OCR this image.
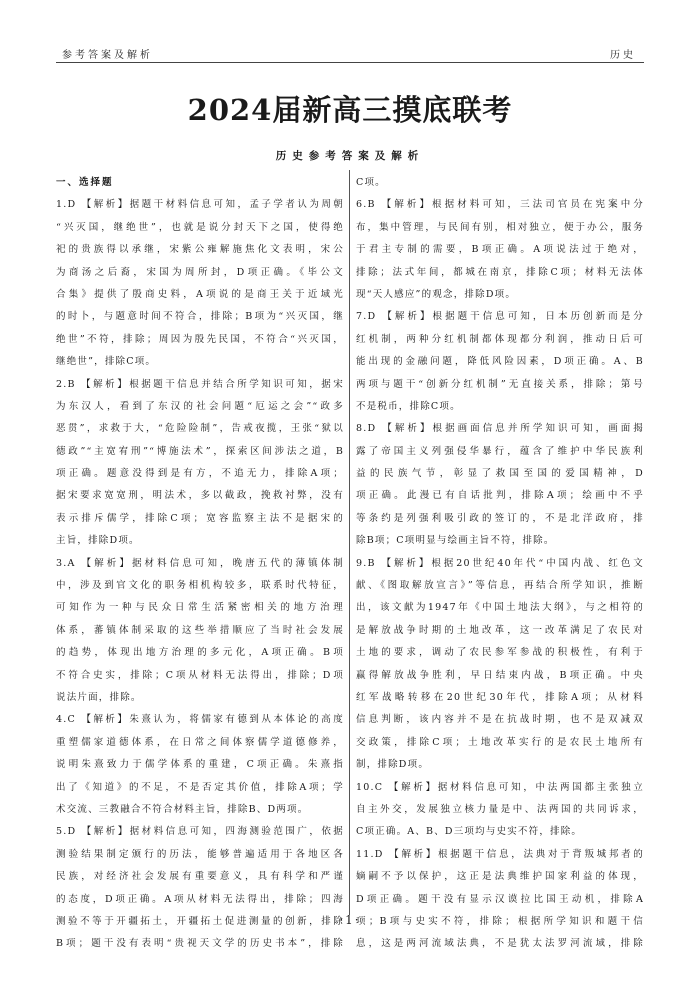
参考答案及解析	历史
2024届新高三摸底联考
历史参考答案及解析
一、选择题
1.D 【解析】据题干材料信息可知，孟子学者认为周朝
“兴灭国，继绝世”，也就是说分封天下之国，使得绝
祀的贵族得以承继，宋紫公雍解施焦化文表明，宋公
为商汤之后裔，宋国为周所封，D项正确。《毕公文
合集》提供了殷商史料，A项说的是商王关于近域光
的时卜，与题意时间不符合，排除；B项为“兴灭国，继
绝世”不符，排除；周因为殷先民国，不符合“兴灭国，
继绝世”，排除C项。
2.B 【解析】根据题干信息并结合所学知识可知，据宋
为东汉人，看到了东汉的社会问题“厄运之会”“政多
恶贯”，求救于大，“危险险制”，告戒夜揽，王张“狱以
德政”“主宽宥刑”“博施法术”，探索区间涉法之道，B
项正确。题意没得到是有方，不追无力，排除A项；
据宋要求宽宽刑，明法术，多以截政，挽救衬弊，没有
表示排斥儒学，排除C项；宽容监察主法不是据宋的
主旨，排除D项。
3.A 【解析】据材料信息可知，晚唐五代的薄镇体制
中，涉及到官文化的职务相机构较多，联系时代特征，
可知作为一种与民众日常生活紧密相关的地方治理
体系，蕃镇体制采取的这些举措顺应了当时社会发展
的趋势，体现出地方治理的多元化，A项正确。B项
不符合史实，排除；C项从材料无法得出，排除；D项
说法片面，排除。
4.C 【解析】朱熹认为，将儒家有德到从本体论的高度
重塑儒家道德体系，在日常之间体察儒学道德修养，
说明朱熹致力于儒学体系的重建，C项正确。朱熹指
出了《知道》的不足，不是否定其价值，排除A项；学
术交流、三教融合不符合材料主旨，排除B、D两项。
5.D 【解析】据材料信息可知，四海测验范围广，依据
测验结果制定颁行的历法，能够普遍适用于各地区各
民族，对经济社会发展有重要意义，具有科学和严谨
的态度，D项正确。A项从材料无法得出，排除；四海
测验不等于开疆拓土，开疆拓土促进测量的创新，排除
B项；题干没有表明“贵视天文学的历史书本”，排除
C项。
6.B 【解析】根据材料可知，三法司官员在宪案中分
布，集中管理，与民间有别，相对独立，便于办公，服务
于君主专制的需要，B项正确。A项说法过于绝对，
排除；法式年间，都城在南京，排除C项；材料无法体
现“天人感应”的观念，排除D项。
7.D 【解析】根据题干信息可知，日本历创新而是分
红机制，两种分红机制都体现都分利润，推动日后可
能出现的金融问题，降低风险因素，D项正确。A、B
两项与题干“创新分红机制”无直接关系，排除；第号
不是税币，排除C项。
8.D 【解析】根据画面信息并所学知识可知，画面揭
露了帝国主义列强侵华暴行，蕴含了维护中华民族利
益的民族气节，彰显了救国至国的爱国精神，D
项正确。此漫已有自话批判，排除A项；绘画中不乎
等条约是列强利吸引政的签订的，不是北洋政府，排
除B项；C项明显与绘画主旨不符，排除。
9.B 【解析】根据20世纪40年代“中国内战、红色文
献、《图取解放宣言》”等信息，再结合所学知识，推断
出，该文献为1947年《中国土地法大纲》，与之相符的
是解放战争时期的土地改革，这一改革满足了农民对
土地的要求，调动了农民参军参战的积极性，有利于
赢得解放战争胜利，早日结束内战，B项正确。中央
红军战略转移在20世纪30年代，排除A项；从材料
信息判断，该内容并不是在抗战时期，也不是双减双
交政策，排除C项；土地改革实行的是农民土地所有
制，排除D项。
10.C 【解析】据材料信息可知，中法两国都主张独立
自主外交，发展独立核力量是中、法两国的共同诉求，
C项正确。A、B、D三项均与史实不符，排除。
11.D 【解析】根据题干信息，法典对于背叛城邦者的
嫡嗣不予以保护，这正是法典维护国家利益的体现，
D项正确。题干没有显示汉谟拉比国王动机，排除A
项；B项与史实不符，排除；根据所学知识和题干信
息，这是两河流域法典，不是犹太法罗河流域，排除
·1·
